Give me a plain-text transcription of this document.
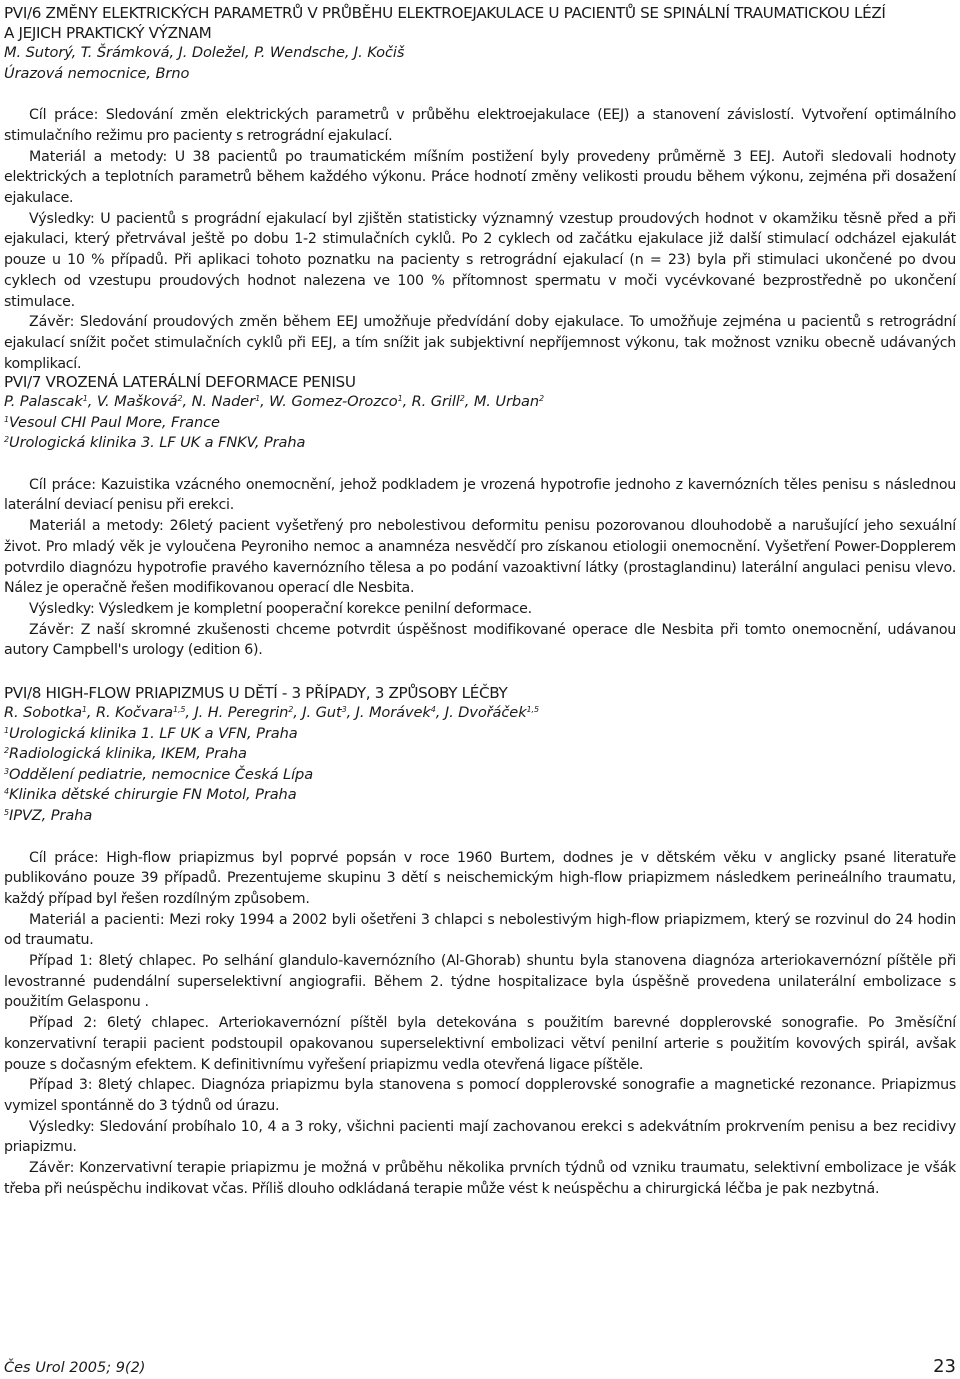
PVI/6 ZMĚNY ELEKTRICKÝCH PARAMETRŮ V PRŮBĚHU ELEKTROEJAKULACE U PACIENTŮ SE SPINÁLNÍ TRAUMATICKOU LÉZÍ
A JEJICH PRAKTICKÝ VÝZNAM

M. Sutorý, T. Šrámková, J. Doležel, P. Wendsche, J. Kočiš

Úrazová nemocnice, Brno

Cíl práce: Sledování změn elektrických parametrů v průběhu elektroejakulace (EEJ) a stanovení závislostí. Vytvoření optimálního stimulačního režimu pro pacienty s retrográdní ejakulací.

Materiál a metody: U 38 pacientů po traumatickém míšním postižení byly provedeny průměrně 3 EEJ. Autoři sledovali hodnoty elektrických a teplotních parametrů během každého výkonu. Práce hodnotí změny velikosti proudu během výkonu, zejména při dosažení ejakulace.

Výsledky: U pacientů s prográdní ejakulací byl zjištěn statisticky významný vzestup proudových hodnot v okamžiku těsně před a při ejakulaci, který přetrvával ještě po dobu 1-2 stimulačních cyklů. Po 2 cyklech od začátku ejakulace již další stimulací odcházel ejakulát pouze u 10 % případů. Při aplikaci tohoto poznatku na pacienty s retrográdní ejakulací (n = 23) byla při stimulaci ukončené po dvou cyklech od vzestupu proudových hodnot nalezena ve 100 % přítomnost spermatu v moči vycévkované bezprostředně po ukončení stimulace.

Závěr: Sledování proudových změn během EEJ umožňuje předvídání doby ejakulace. To umožňuje zejména u pacientů s retrográdní ejakulací snížit počet stimulačních cyklů při EEJ, a tím snížit jak subjektivní nepříjemnost výkonu, tak možnost vzniku obecně udávaných komplikací.

PVI/7 VROZENÁ LATERÁLNÍ DEFORMACE PENISU

P. Palascak$^1$, V. Mašková$^2$, N. Nader$^1$, W. Gomez-Orozco$^1$, R. Grill$^2$, M. Urban$^2$

$^1$Vesoul CHI Paul More, France

$^2$Urologická klinika 3. LF UK a FNKV, Praha

Cíl práce: Kazuistika vzácného onemocnění, jehož podkladem je vrozená hypotrofie jednoho z kavernózních těles penisu s následnou laterální deviací penisu při erekci.

Materiál a metody: 26letý pacient vyšetřený pro nebolestivou deformitu penisu pozorovanou dlouhodobě a narušující jeho sexuální život. Pro mladý věk je vyloučena Peyroniho nemoc a anamnéza nesvědčí pro získanou etiologii onemocnění. Vyšetření Power-Dopplerem potvrdilo diagnózu hypotrofie pravého kavernózního tělesa a po podání vazoaktivní látky (prostaglandinu) laterální angulaci penisu vlevo. Nález je operačně řešen modifikovanou operací dle Nesbita.

Výsledky: Výsledkem je kompletní pooperační korekce penilní deformace.

Závěr: Z naší skromné zkušenosti chceme potvrdit úspěšnost modifikované operace dle Nesbita při tomto onemocnění, udávanou autory Campbell's urology (edition 6).

PVI/8 HIGH-FLOW PRIAPIZMUS U DĚTÍ - 3 PŘÍPADY, 3 ZPŮSOBY LÉČBY

R. Sobotka$^1$, R. Kočvara$^{1,5}$, J. H. Peregrin$^2$, J. Gut$^3$, J. Morávek$^4$, J. Dvořáček$^{1,5}$

$^1$Urologická klinika 1. LF UK a VFN, Praha

$^2$Radiologická klinika, IKEM, Praha

$^3$Oddělení pediatrie, nemocnice Česká Lípa

$^4$Klinika dětské chirurgie FN Motol, Praha

$^5$IPVZ, Praha

Cíl práce: High-flow priapizmus byl poprvé popsán v roce 1960 Burtem, dodnes je v dětském věku v anglicky psané literatuře publikováno pouze 39 případů. Prezentujeme skupinu 3 dětí s neischemickým high-flow priapizmem následkem perineálního traumatu, každý případ byl řešen rozdílným způsobem.

Materiál a pacienti: Mezi roky 1994 a 2002 byli ošetřeni 3 chlapci s nebolestivým high-flow priapizmem, který se rozvinul do 24 hodin od traumatu.

Případ 1: 8letý chlapec. Po selhání glandulo-kavernózního (Al-Ghorab) shuntu byla stanovena diagnóza arteriokavernózní píštěle při levostranné pudendální superselektivní angiografii. Během 2. týdne hospitalizace byla úspěšně provedena unilaterální embolizace s použitím Gelasponu .

Případ 2: 6letý chlapec. Arteriokavernózní píštěl byla detekována s použitím barevné dopplerovské sonografie. Po 3měsíční konzervativní terapii pacient podstoupil opakovanou superselektivní embolizaci větví penilní arterie s použitím kovových spirál, avšak pouze s dočasným efektem. K definitivnímu vyřešení priapizmu vedla otevřená ligace píštěle.

Případ 3: 8letý chlapec. Diagnóza priapizmu byla stanovena s pomocí dopplerovské sonografie a magnetické rezonance. Priapizmus vymizel spontánně do 3 týdnů od úrazu.

Výsledky: Sledování probíhalo 10, 4 a 3 roky, všichni pacienti mají zachovanou erekci s adekvátním prokrvením penisu a bez recidivy priapizmu.

Závěr: Konzervativní terapie priapizmu je možná v průběhu několika prvních týdnů od vzniku traumatu, selektivní embolizace je všák třeba při neúspěchu indikovat včas. Příliš dlouho odkládaná terapie může vést k neúspěchu a chirurgická léčba je pak nezbytná.

Čes Urol 2005; 9(2)	23
